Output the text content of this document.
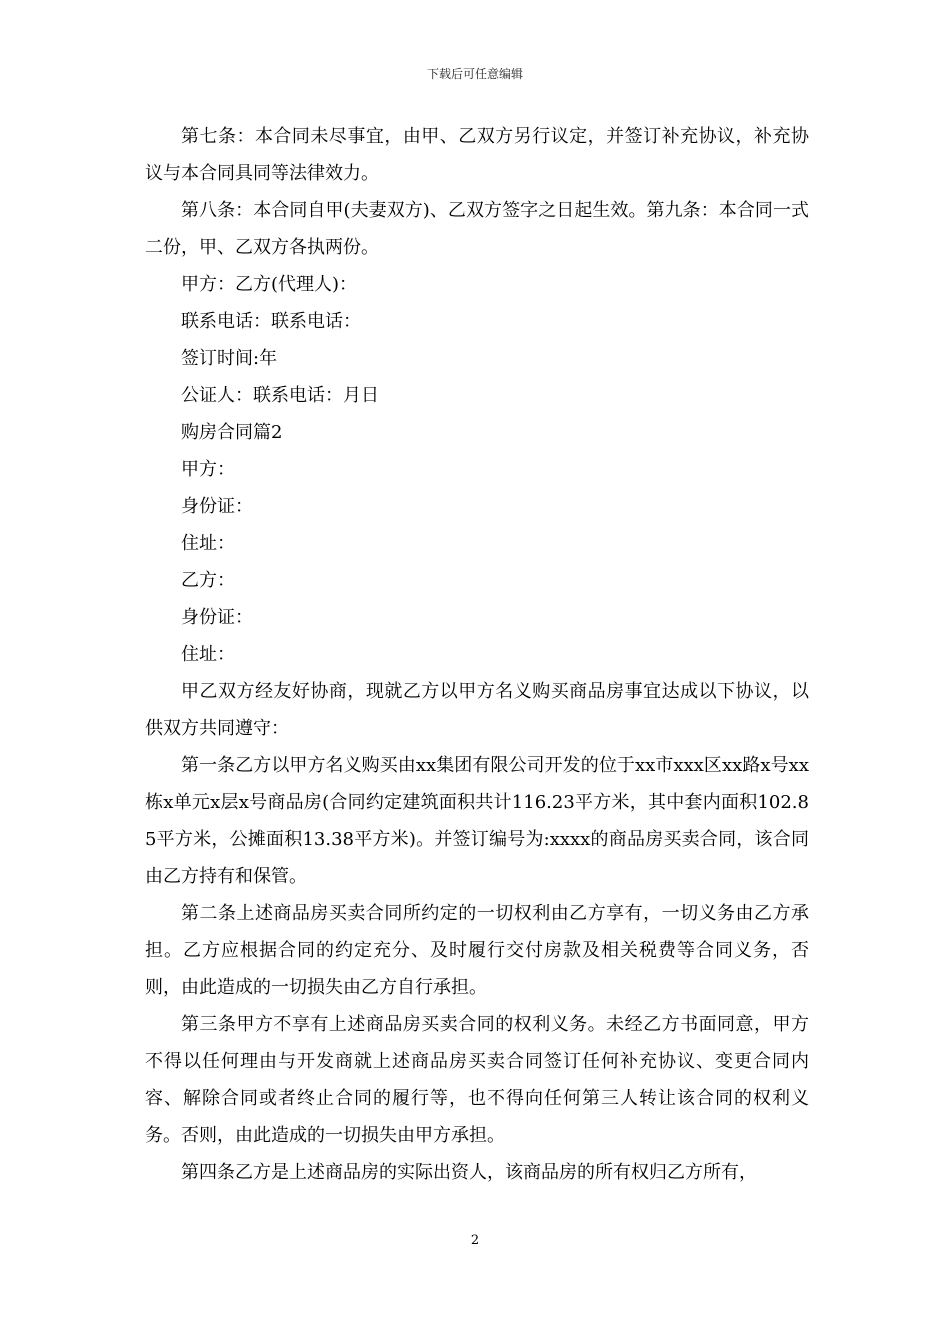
下载后可任意编辑

第七条：本合同未尽事宜，由甲、乙双方另行议定，并签订补充协议，补充协议与本合同具同等法律效力。

第八条：本合同自甲(夫妻双方)、乙双方签字之日起生效。第九条：本合同一式二份，甲、乙双方各执两份。

甲方：乙方(代理人)：

联系电话：联系电话：

签订时间:年

公证人：联系电话：月日

购房合同篇2

甲方：

身份证：

住址：

乙方：

身份证：

住址：

甲乙双方经友好协商，现就乙方以甲方名义购买商品房事宜达成以下协议，以供双方共同遵守：

第一条乙方以甲方名义购买由xx集团有限公司开发的位于xx市xxx区xx路x号xx栋x单元x层x号商品房(合同约定建筑面积共计116.23平方米，其中套内面积102.85平方米，公摊面积13.38平方米)。并签订编号为:xxxx的商品房买卖合同，该合同由乙方持有和保管。

第二条上述商品房买卖合同所约定的一切权利由乙方享有，一切义务由乙方承担。乙方应根据合同的约定充分、及时履行交付房款及相关税费等合同义务，否则，由此造成的一切损失由乙方自行承担。

第三条甲方不享有上述商品房买卖合同的权利义务。未经乙方书面同意，甲方不得以任何理由与开发商就上述商品房买卖合同签订任何补充协议、变更合同内容、解除合同或者终止合同的履行等，也不得向任何第三人转让该合同的权利义务。否则，由此造成的一切损失由甲方承担。

第四条乙方是上述商品房的实际出资人，该商品房的所有权归乙方所有，

2
